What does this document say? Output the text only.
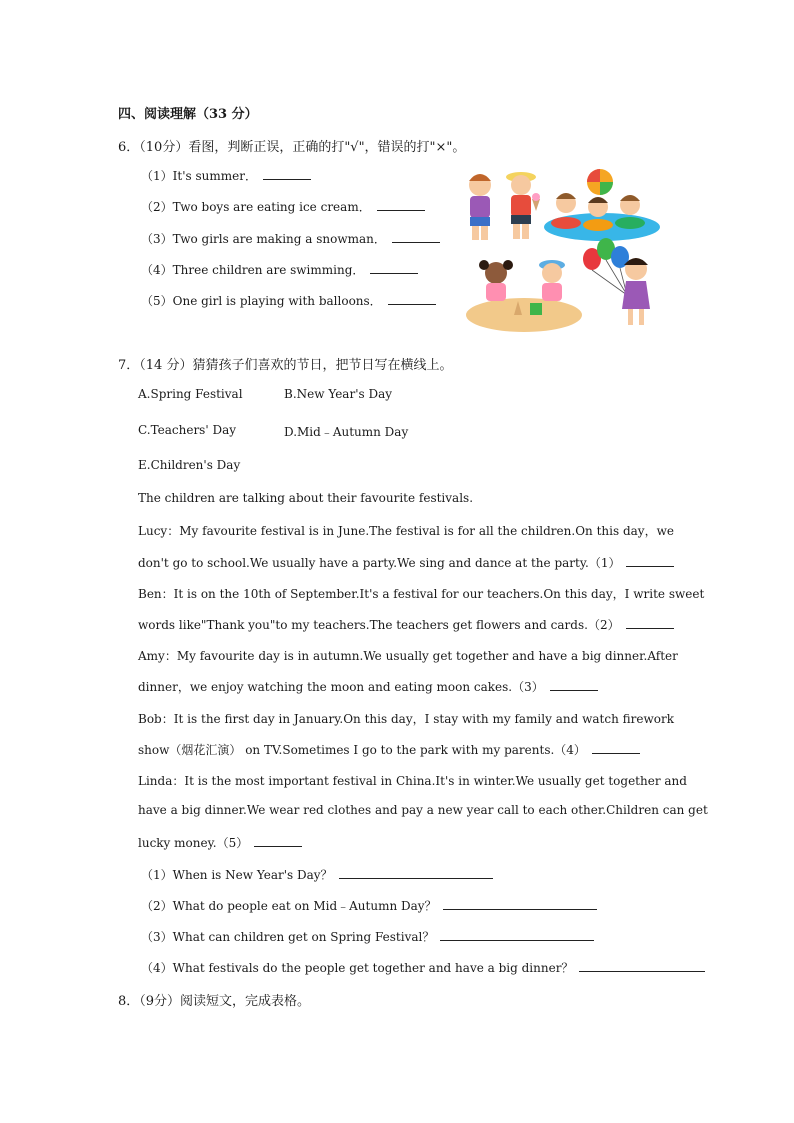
四、阅读理解（33 分）
6．（10分）看图，判断正误，正确的打"√"，错误的打"×"。
（1）It's summer．
（2）Two boys are eating ice cream．
（3）Two girls are making a snowman．
（4）Three children are swimming．
（5）One girl is playing with balloons．
7．（14 分）猜猜孩子们喜欢的节日，把节日写在横线上。
A.Spring Festival	B.New Year's Day
C.Teachers' Day	D.Mid﹣Autumn Day
E.Children's Day
The children are talking about their favourite festivals.
Lucy：My favourite festival is in June.The festival is for all the children.On this day，we
don't go to school.We usually have a party.We sing and dance at the party.（1）
Ben：It is on the 10th of September.It's a festival for our teachers.On this day，I write sweet
words like"Thank you"to my teachers.The teachers get flowers and cards.（2）
Amy：My favourite day is in autumn.We usually get together and have a big dinner.After
dinner，we enjoy watching the moon and eating moon cakes.（3）
Bob：It is the first day in January.On this day，I stay with my family and watch firework
show（烟花汇演） on TV.Sometimes I go to the park with my parents.（4）
Linda：It is the most important festival in China.It's in winter.We usually get together and
have a big dinner.We wear red clothes and pay a new year call to each other.Children can get
lucky money.（5）
（1）When is New Year's Day？
（2）What do people eat on Mid﹣Autumn Day？
（3）What can children get on Spring Festival？
（4）What festivals do the people get together and have a big dinner？
8．（9分）阅读短文，完成表格。
